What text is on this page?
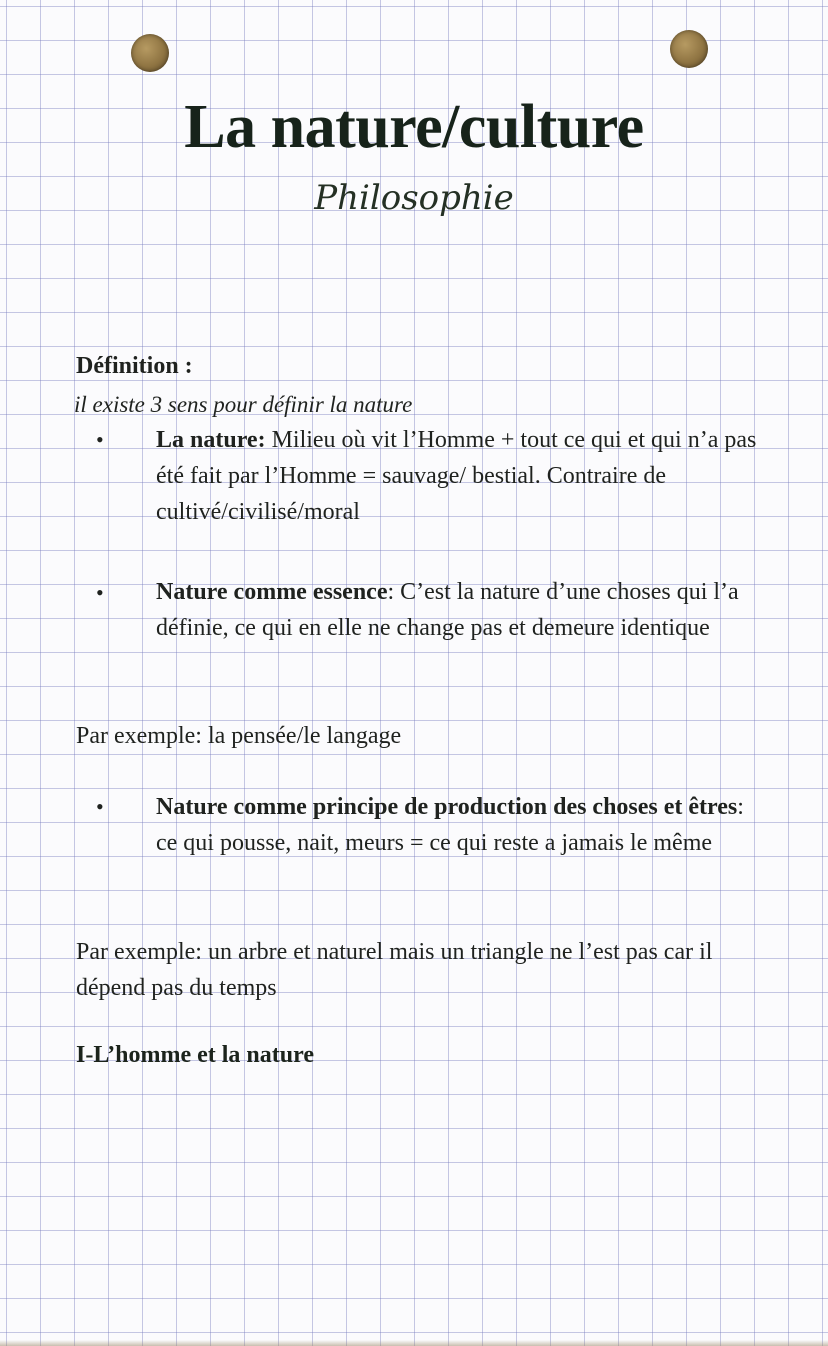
La nature/culture
Philosophie
Définition :
il existe 3 sens pour définir la nature
• La nature: Milieu où vit l’Homme + tout ce qui et qui n’a pas été fait par l’Homme = sauvage/ bestial. Contraire de cultivé/civilisé/moral
• Nature comme essence: C’est la nature d’une choses qui l’a définie, ce qui en elle ne change pas et demeure identique
Par exemple: la pensée/le langage
• Nature comme principe de production des choses et êtres: ce qui pousse, nait, meurs = ce qui reste a jamais le même
Par exemple: un arbre et naturel mais un triangle ne l’est pas car il dépend pas du temps
I-L’homme et la nature
